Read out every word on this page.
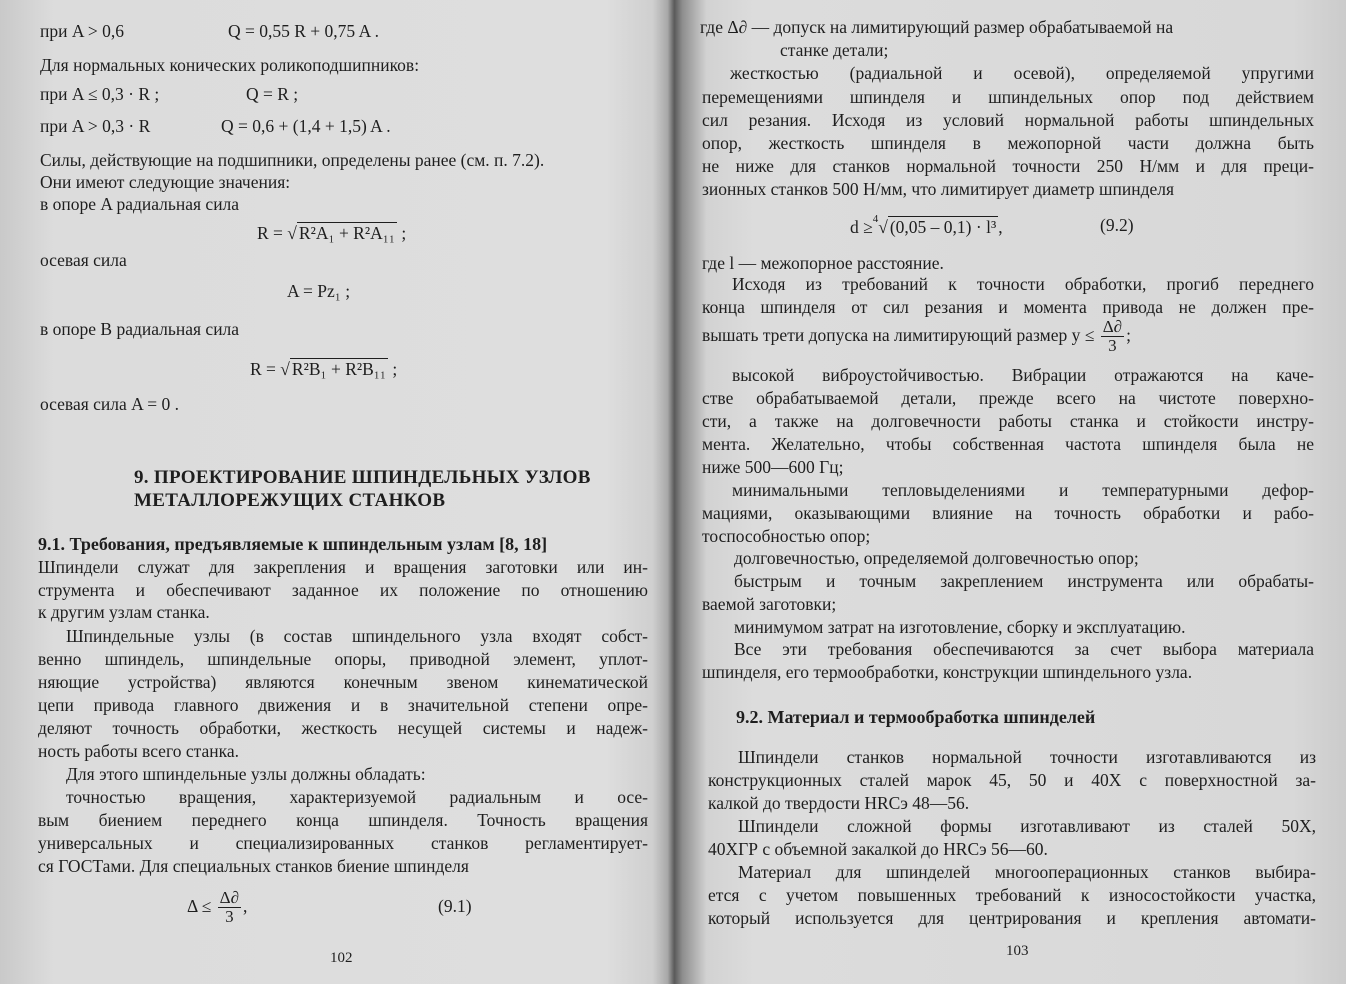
при A > 0,6	Q = 0,55 R + 0,75 A .

Для нормальных конических роликоподшипников:

при A ≤ 0,3 · R ;	Q = R ;

при A > 0,3 · R	Q = 0,6 + (1,4 + 1,5) A .

Силы, действующие на подшипники, определены ранее (см. п. 7.2).

Они имеют следующие значения:

в опоре A радиальная сила

R = √ R²A₁ + R²A₁₁ ;

осевая сила

A = Pz₁ ;

в опоре B радиальная сила

R = √ R²B₁ + R²B₁₁ ;

осевая сила A = 0 .

9. ПРОЕКТИРОВАНИЕ ШПИНДЕЛЬНЫХ УЗЛОВ

МЕТАЛЛОРЕЖУЩИХ СТАНКОВ

9.1. Требования, предъявляемые к шпиндельным узлам [8, 18]

Шпиндели служат для закрепления и вращения заготовки или ин-

струмента и обеспечивают заданное их положение по отношению

к другим узлам станка.

Шпиндельные узлы (в состав шпиндельного узла входят собст-

венно шпиндель, шпиндельные опоры, приводной элемент, уплот-

няющие устройства) являются конечным звеном кинематической

цепи привода главного движения и в значительной степени опре-

деляют точность обработки, жесткость несущей системы и надеж-

ность работы всего станка.

Для этого шпиндельные узлы должны обладать:

точностью вращения, характеризуемой радиальным и осе-

вым биением переднего конца шпинделя. Точность вращения

универсальных и специализированных станков регламентирует-

ся ГОСТами. Для специальных станков биение шпинделя

$\Delta \le \frac{\Delta\partial}{3}$ ,	(9.1)

102

где Δ∂ — допуск на лимитирующий размер обрабатываемой на

станке детали;

жесткостью (радиальной и осевой), определяемой упругими

перемещениями шпинделя и шпиндельных опор под действием

сил резания. Исходя из условий нормальной работы шпиндельных

опор, жесткость шпинделя в межопорной части должна быть

не ниже для станков нормальной точности 250 Н/мм и для преци-

зионных станков 500 Н/мм, что лимитирует диаметр шпинделя

d ≥$^4$√ (0,05 – 0,1) · l³ ,	(9.2)

где l — межопорное расстояние.

Исходя из требований к точности обработки, прогиб переднего

конца шпинделя от сил резания и момента привода не должен пре-

вышать трети допуска на лимитирующий размер $y \le \frac{\Delta\partial}{3}$ ;

высокой виброустойчивостью. Вибрации отражаются на каче-

стве обрабатываемой детали, прежде всего на чистоте поверхно-

сти, а также на долговечности работы станка и стойкости инстру-

мента. Желательно, чтобы собственная частота шпинделя была не

ниже 500—600 Гц;

минимальными тепловыделениями и температурными дефор-

мациями, оказывающими влияние на точность обработки и рабо-

тоспособностью опор;

долговечностью, определяемой долговечностью опор;

быстрым и точным закреплением инструмента или обрабаты-

ваемой заготовки;

минимумом затрат на изготовление, сборку и эксплуатацию.

Все эти требования обеспечиваются за счет выбора материала

шпинделя, его термообработки, конструкции шпиндельного узла.

9.2. Материал и термообработка шпинделей

Шпиндели станков нормальной точности изготавливаются из

конструкционных сталей марок 45, 50 и 40Х с поверхностной за-

калкой до твердости HRCэ 48—56.

Шпиндели сложной формы изготавливают из сталей 50Х,

40ХГР с объемной закалкой до HRCэ 56—60.

Материал для шпинделей многооперационных станков выбира-

ется с учетом повышенных требований к износостойкости участка,

который используется для центрирования и крепления автомати-

103
